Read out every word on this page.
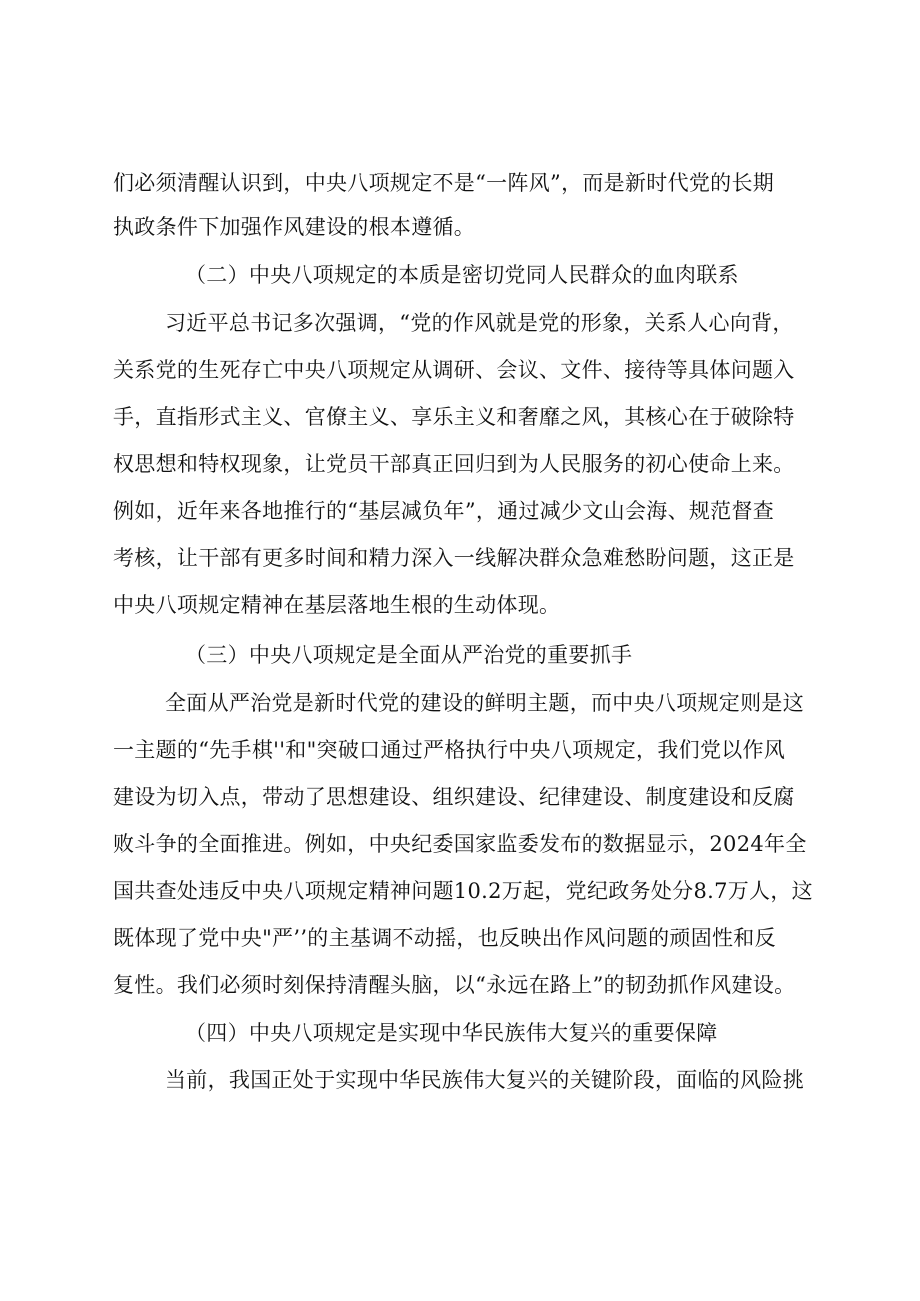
们必须清醒认识到，中央八项规定不是“一阵风”，而是新时代党的长期
执政条件下加强作风建设的根本遵循。
（二）中央八项规定的本质是密切党同人民群众的血肉联系
习近平总书记多次强调，“党的作风就是党的形象，关系人心向背，
关系党的生死存亡中央八项规定从调研、会议、文件、接待等具体问题入
手，直指形式主义、官僚主义、享乐主义和奢靡之风，其核心在于破除特
权思想和特权现象，让党员干部真正回归到为人民服务的初心使命上来。
例如，近年来各地推行的“基层减负年”，通过减少文山会海、规范督查
考核，让干部有更多时间和精力深入一线解决群众急难愁盼问题，这正是
中央八项规定精神在基层落地生根的生动体现。
（三）中央八项规定是全面从严治党的重要抓手
全面从严治党是新时代党的建设的鲜明主题，而中央八项规定则是这
一主题的“先手棋''和"突破口通过严格执行中央八项规定，我们党以作风
建设为切入点，带动了思想建设、组织建设、纪律建设、制度建设和反腐
败斗争的全面推进。例如，中央纪委国家监委发布的数据显示，2024年全
国共查处违反中央八项规定精神问题10.2万起，党纪政务处分8.7万人，这
既体现了党中央"严’’的主基调不动摇，也反映出作风问题的顽固性和反
复性。我们必须时刻保持清醒头脑，以“永远在路上”的韧劲抓作风建设。
（四）中央八项规定是实现中华民族伟大复兴的重要保障
当前，我国正处于实现中华民族伟大复兴的关键阶段，面临的风险挑
